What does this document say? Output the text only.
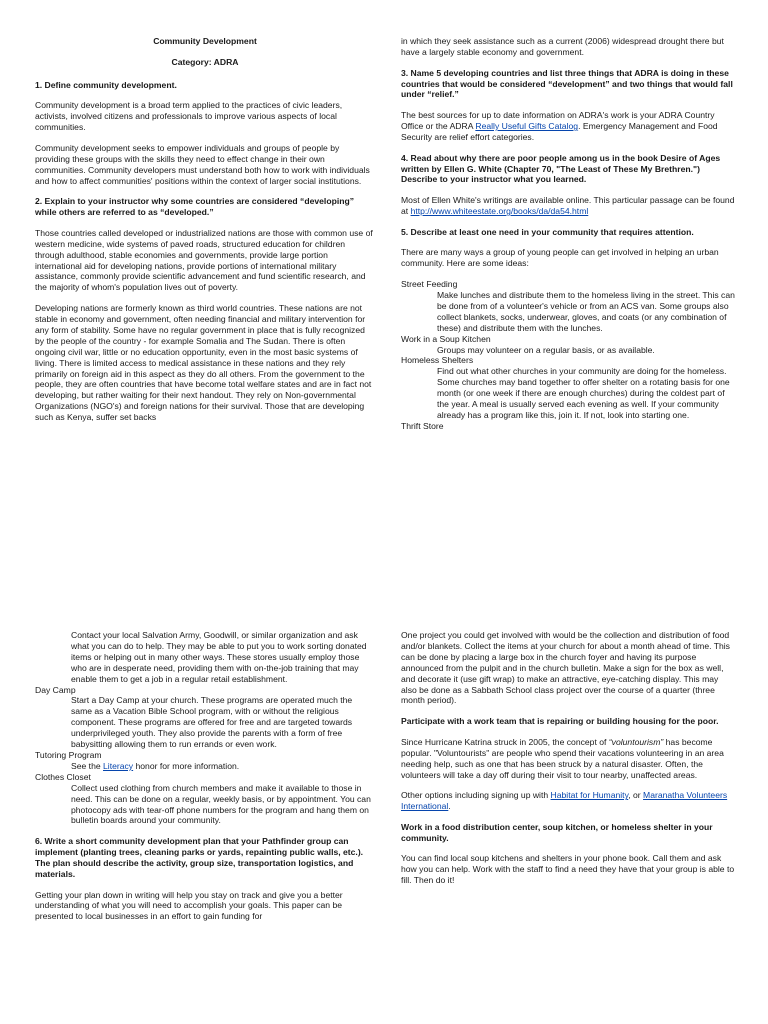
Community Development

Category: ADRA

1. Define community development.

Community development is a broad term applied to the practices of civic leaders, activists, involved citizens and professionals to improve various aspects of local communities.

Community development seeks to empower individuals and groups of people by providing these groups with the skills they need to effect change in their own communities. Community developers must understand both how to work with individuals and how to affect communities' positions within the context of larger social institutions.

2. Explain to your instructor why some countries are considered “developing” while others are referred to as “developed.”

Those countries called developed or industrialized nations are those with common use of western medicine, wide systems of paved roads, structured education for children through adulthood, stable economies and governments, provide large portion international aid for developing nations, provide portions of international military assistance, commonly provide scientific advancement and fund scientific research, and the majority of whom's population lives out of poverty.

Developing nations are formerly known as third world countries. These nations are not stable in economy and government, often needing financial and military intervention for any form of stability. Some have no regular government in place that is fully recognized by the people of the country - for example Somalia and The Sudan. There is often ongoing civil war, little or no education opportunity, even in the most basic systems of living. There is limited access to medical assistance in these nations and they rely primarily on foreign aid in this aspect as they do all others. From the government to the people, they are often countries that have become total welfare states and are in fact not developing, but rather waiting for their next handout. They rely on Non-governmental Organizations (NGO's) and foreign nations for their survival. Those that are developing such as Kenya, suffer set backs

in which they seek assistance such as a current (2006) widespread drought there but have a largely stable economy and government.

3. Name 5 developing countries and list three things that ADRA is doing in these countries that would be considered “development” and two things that would fall under “relief.”

The best sources for up to date information on ADRA's work is your ADRA Country Office or the ADRA Really Useful Gifts Catalog. Emergency Management and Food Security are relief effort categories.

4. Read about why there are poor people among us in the book Desire of Ages written by Ellen G. White (Chapter 70, "The Least of These My Brethren.") Describe to your instructor what you learned.

Most of Ellen White's writings are available online. This particular passage can be found at http://www.whiteestate.org/books/da/da54.html

5. Describe at least one need in your community that requires attention.

There are many ways a group of young people can get involved in helping an urban community. Here are some ideas:

Street Feeding
Make lunches and distribute them to the homeless living in the street. This can be done from of a volunteer's vehicle or from an ACS van. Some groups also collect blankets, socks, underwear, gloves, and coats (or any combination of these) and distribute them with the lunches.
Work in a Soup Kitchen
Groups may volunteer on a regular basis, or as available.
Homeless Shelters
Find out what other churches in your community are doing for the homeless. Some churches may band together to offer shelter on a rotating basis for one month (or one week if there are enough churches) during the coldest part of the year. A meal is usually served each evening as well. If your community already has a program like this, join it. If not, look into starting one.
Thrift Store
Contact your local Salvation Army, Goodwill, or similar organization and ask what you can do to help. They may be able to put you to work sorting donated items or helping out in many other ways. These stores usually employ those who are in desperate need, providing them with on-the-job training that may enable them to get a job in a regular retail establishment.
Day Camp
Start a Day Camp at your church. These programs are operated much the same as a Vacation Bible School program, with or without the religious component. These programs are offered for free and are targeted towards underprivileged youth. They also provide the parents with a form of free babysitting allowing them to run errands or even work.
Tutoring Program
See the Literacy honor for more information.
Clothes Closet
Collect used clothing from church members and make it available to those in need. This can be done on a regular, weekly basis, or by appointment. You can photocopy ads with tear-off phone numbers for the program and hang them on bulletin boards around your community.

6. Write a short community development plan that your Pathfinder group can implement (planting trees, cleaning parks or yards, repainting public walls, etc.). The plan should describe the activity, group size, transportation logistics, and materials.

Getting your plan down in writing will help you stay on track and give you a better understanding of what you will need to accomplish your goals. This paper can be presented to local businesses in an effort to gain funding for

One project you could get involved with would be the collection and distribution of food and/or blankets. Collect the items at your church for about a month ahead of time. This can be done by placing a large box in the church foyer and having its purpose announced from the pulpit and in the church bulletin. Make a sign for the box as well, and decorate it (use gift wrap) to make an attractive, eye-catching display. This may also be done as a Sabbath School class project over the course of a quarter (three month period).

Participate with a work team that is repairing or building housing for the poor.

Since Hurricane Katrina struck in 2005, the concept of “voluntourism” has become popular. "Voluntourists" are people who spend their vacations volunteering in an area needing help, such as one that has been struck by a natural disaster. Often, the volunteers will take a day off during their visit to tour nearby, unaffected areas.

Other options including signing up with Habitat for Humanity, or Maranatha Volunteers International.

Work in a food distribution center, soup kitchen, or homeless shelter in your community.

You can find local soup kitchens and shelters in your phone book. Call them and ask how you can help. Work with the staff to find a need they have that your group is able to fill. Then do it!
